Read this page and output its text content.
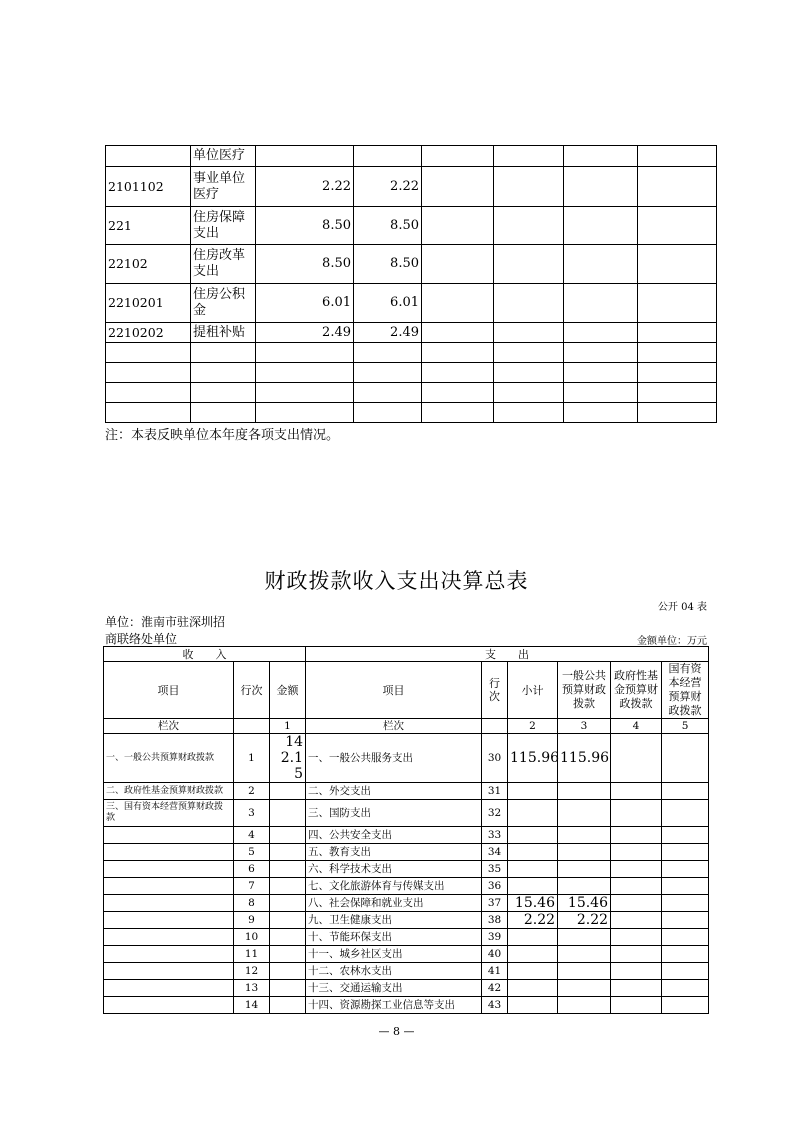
	单位医疗						
2101102	事业单位医疗	2.22	2.22				
221	住房保障支出	8.50	8.50				
22102	住房改革支出	8.50	8.50				
2210201	住房公积金	6.01	6.01				
2210202	提租补贴	2.49	2.49				

注：本表反映单位本年度各项支出情况。
财政拨款收入支出决算总表
公开 04 表
单位：淮南市驻深圳招
商联络处单位	金额单位：万元
收　　入			支　　出					
项目	行次	金额	项目	行次	小计	一般公共预算财政拨款	政府性基金预算财政拨款	国有资本经营预算财政拨款
栏次		1	栏次		2	3	4	5
一、一般公共预算财政拨款	1	142.15	一、一般公共服务支出	30	115.96	115.96		
二、政府性基金预算财政拨款	2		二、外交支出	31				
三、国有资本经营预算财政拨款	3		三、国防支出	32				
	4		四、公共安全支出	33				
	5		五、教育支出	34				
	6		六、科学技术支出	35				
	7		七、文化旅游体育与传媒支出	36				
	8		八、社会保障和就业支出	37	15.46	15.46		
	9		九、卫生健康支出	38	2.22	2.22		
	10		十、节能环保支出	39				
	11		十一、城乡社区支出	40				
	12		十二、农林水支出	41				
	13		十三、交通运输支出	42				
	14		十四、资源勘探工业信息等支出	43				
— 8 —
